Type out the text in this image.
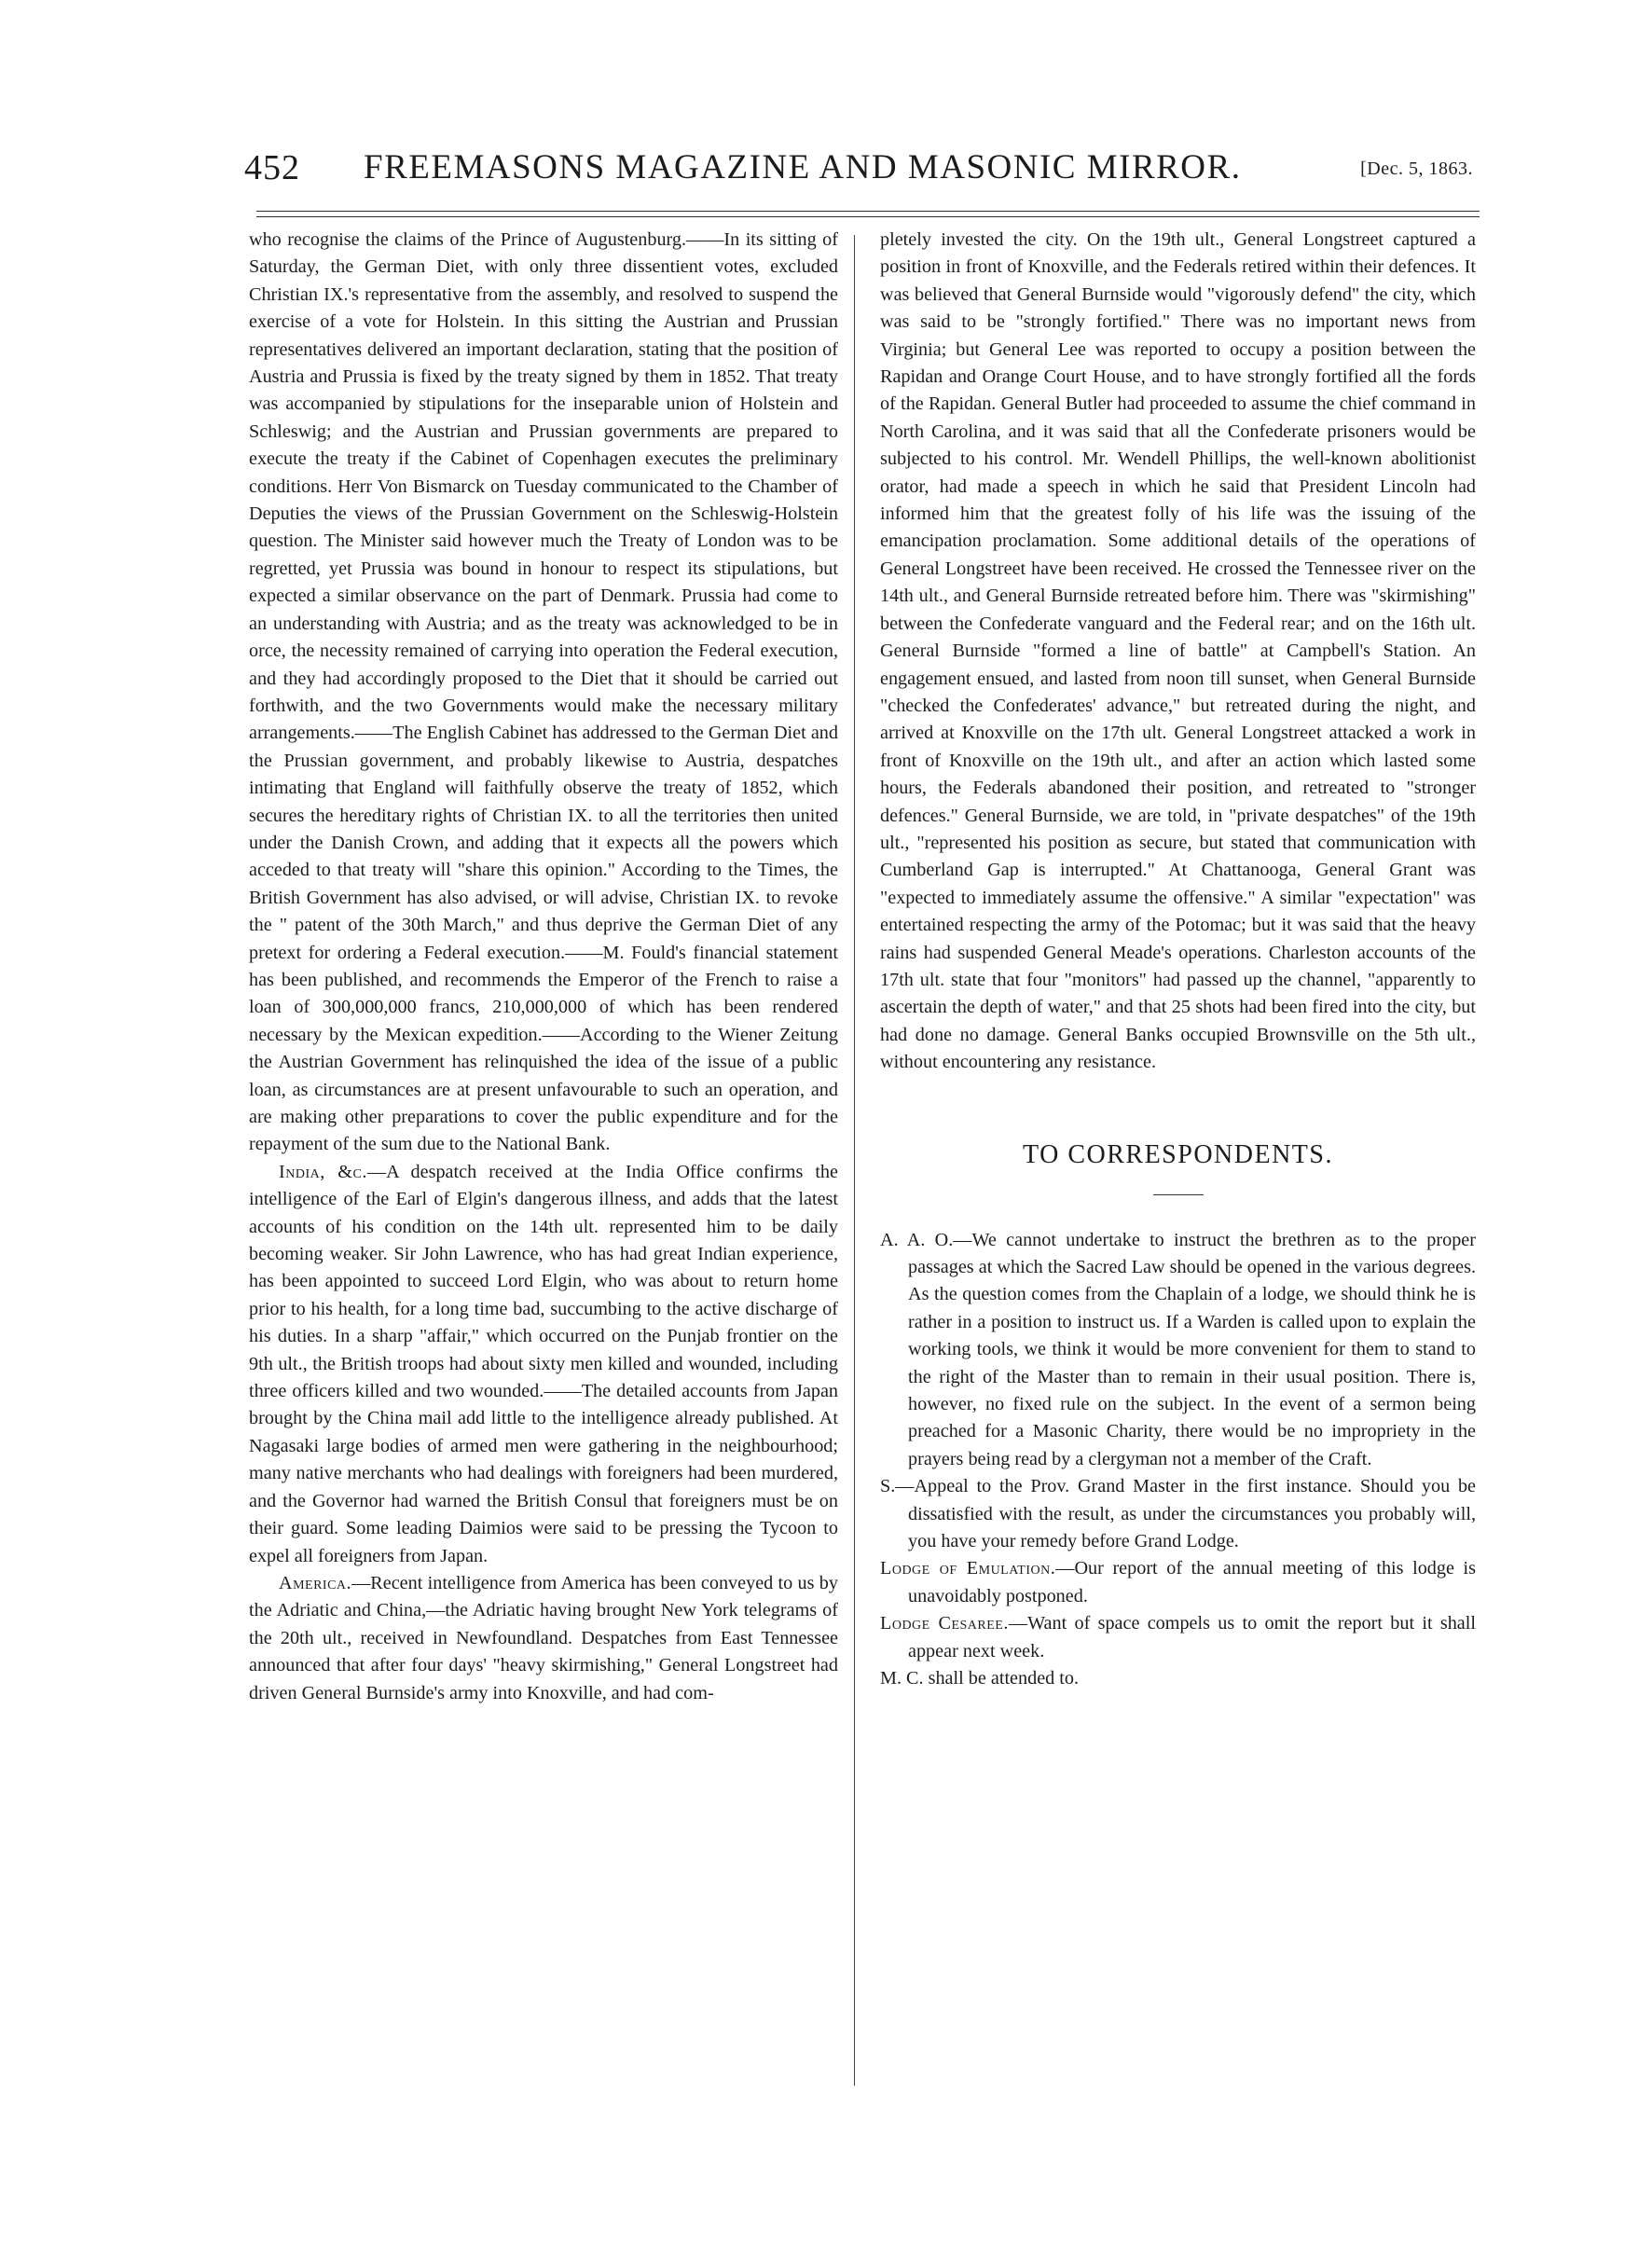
452 FREEMASONS MAGAZINE AND MASONIC MIRROR.	[Dec. 5, 1863.

who recognise the claims of the Prince of Augustenburg.——In its sitting of Saturday, the German Diet, with only three dissentient votes, excluded Christian IX.'s representative from the assembly, and resolved to suspend the exercise of a vote for Holstein. In this sitting the Austrian and Prussian representatives delivered an important declaration, stating that the position of Austria and Prussia is fixed by the treaty signed by them in 1852. That treaty was accompanied by stipulations for the inseparable union of Holstein and Schleswig; and the Austrian and Prussian governments are prepared to execute the treaty if the Cabinet of Copenhagen executes the preliminary conditions. Herr Von Bismarck on Tuesday communicated to the Chamber of Deputies the views of the Prussian Government on the Schleswig-Holstein question. The Minister said however much the Treaty of London was to be regretted, yet Prussia was bound in honour to respect its stipulations, but expected a similar observance on the part of Denmark. Prussia had come to an understanding with Austria; and as the treaty was acknowledged to be in orce, the necessity remained of carrying into operation the Federal execution, and they had accordingly proposed to the Diet that it should be carried out forthwith, and the two Governments would make the necessary military arrangements.——The English Cabinet has addressed to the German Diet and the Prussian government, and probably likewise to Austria, despatches intimating that England will faithfully observe the treaty of 1852, which secures the hereditary rights of Christian IX. to all the territories then united under the Danish Crown, and adding that it expects all the powers which acceded to that treaty will "share this opinion." According to the Times, the British Government has also advised, or will advise, Christian IX. to revoke the " patent of the 30th March," and thus deprive the German Diet of any pretext for ordering a Federal execution.——M. Fould's financial statement has been published, and recommends the Emperor of the French to raise a loan of 300,000,000 francs, 210,000,000 of which has been rendered necessary by the Mexican expedition.——According to the Wiener Zeitung the Austrian Government has relinquished the idea of the issue of a public loan, as circumstances are at present unfavourable to such an operation, and are making other preparations to cover the public expenditure and for the repayment of the sum due to the National Bank.

India, &c.—A despatch received at the India Office confirms the intelligence of the Earl of Elgin's dangerous illness, and adds that the latest accounts of his condition on the 14th ult. represented him to be daily becoming weaker. Sir John Lawrence, who has had great Indian experience, has been appointed to succeed Lord Elgin, who was about to return home prior to his health, for a long time bad, succumbing to the active discharge of his duties. In a sharp "affair," which occurred on the Punjab frontier on the 9th ult., the British troops had about sixty men killed and wounded, including three officers killed and two wounded.——The detailed accounts from Japan brought by the China mail add little to the intelligence already published. At Nagasaki large bodies of armed men were gathering in the neighbourhood; many native merchants who had dealings with foreigners had been murdered, and the Governor had warned the British Consul that foreigners must be on their guard. Some leading Daimios were said to be pressing the Tycoon to expel all foreigners from Japan.

America.—Recent intelligence from America has been conveyed to us by the Adriatic and China,—the Adriatic having brought New York telegrams of the 20th ult., received in Newfoundland. Despatches from East Tennessee announced that after four days' "heavy skirmishing," General Longstreet had driven General Burnside's army into Knoxville, and had com-

pletely invested the city. On the 19th ult., General Longstreet captured a position in front of Knoxville, and the Federals retired within their defences. It was believed that General Burnside would "vigorously defend" the city, which was said to be "strongly fortified." There was no important news from Virginia; but General Lee was reported to occupy a position between the Rapidan and Orange Court House, and to have strongly fortified all the fords of the Rapidan. General Butler had proceeded to assume the chief command in North Carolina, and it was said that all the Confederate prisoners would be subjected to his control. Mr. Wendell Phillips, the well-known abolitionist orator, had made a speech in which he said that President Lincoln had informed him that the greatest folly of his life was the issuing of the emancipation proclamation. Some additional details of the operations of General Longstreet have been received. He crossed the Tennessee river on the 14th ult., and General Burnside retreated before him. There was "skirmishing" between the Confederate vanguard and the Federal rear; and on the 16th ult. General Burnside "formed a line of battle" at Campbell's Station. An engagement ensued, and lasted from noon till sunset, when General Burnside "checked the Confederates' advance," but retreated during the night, and arrived at Knoxville on the 17th ult. General Longstreet attacked a work in front of Knoxville on the 19th ult., and after an action which lasted some hours, the Federals abandoned their position, and retreated to "stronger defences." General Burnside, we are told, in "private despatches" of the 19th ult., "represented his position as secure, but stated that communication with Cumberland Gap is interrupted." At Chattanooga, General Grant was "expected to immediately assume the offensive." A similar "expectation" was entertained respecting the army of the Potomac; but it was said that the heavy rains had suspended General Meade's operations. Charleston accounts of the 17th ult. state that four "monitors" had passed up the channel, "apparently to ascertain the depth of water," and that 25 shots had been fired into the city, but had done no damage. General Banks occupied Brownsville on the 5th ult., without encountering any resistance.

TO CORRESPONDENTS.

A. A. O.—We cannot undertake to instruct the brethren as to the proper passages at which the Sacred Law should be opened in the various degrees. As the question comes from the Chaplain of a lodge, we should think he is rather in a position to instruct us. If a Warden is called upon to explain the working tools, we think it would be more convenient for them to stand to the right of the Master than to remain in their usual position. There is, however, no fixed rule on the subject. In the event of a sermon being preached for a Masonic Charity, there would be no impropriety in the prayers being read by a clergyman not a member of the Craft.

S.—Appeal to the Prov. Grand Master in the first instance. Should you be dissatisfied with the result, as under the circumstances you probably will, you have your remedy before Grand Lodge.

Lodge of Emulation.—Our report of the annual meeting of this lodge is unavoidably postponed.

Lodge Cesaree.—Want of space compels us to omit the report but it shall appear next week.

M. C. shall be attended to.
